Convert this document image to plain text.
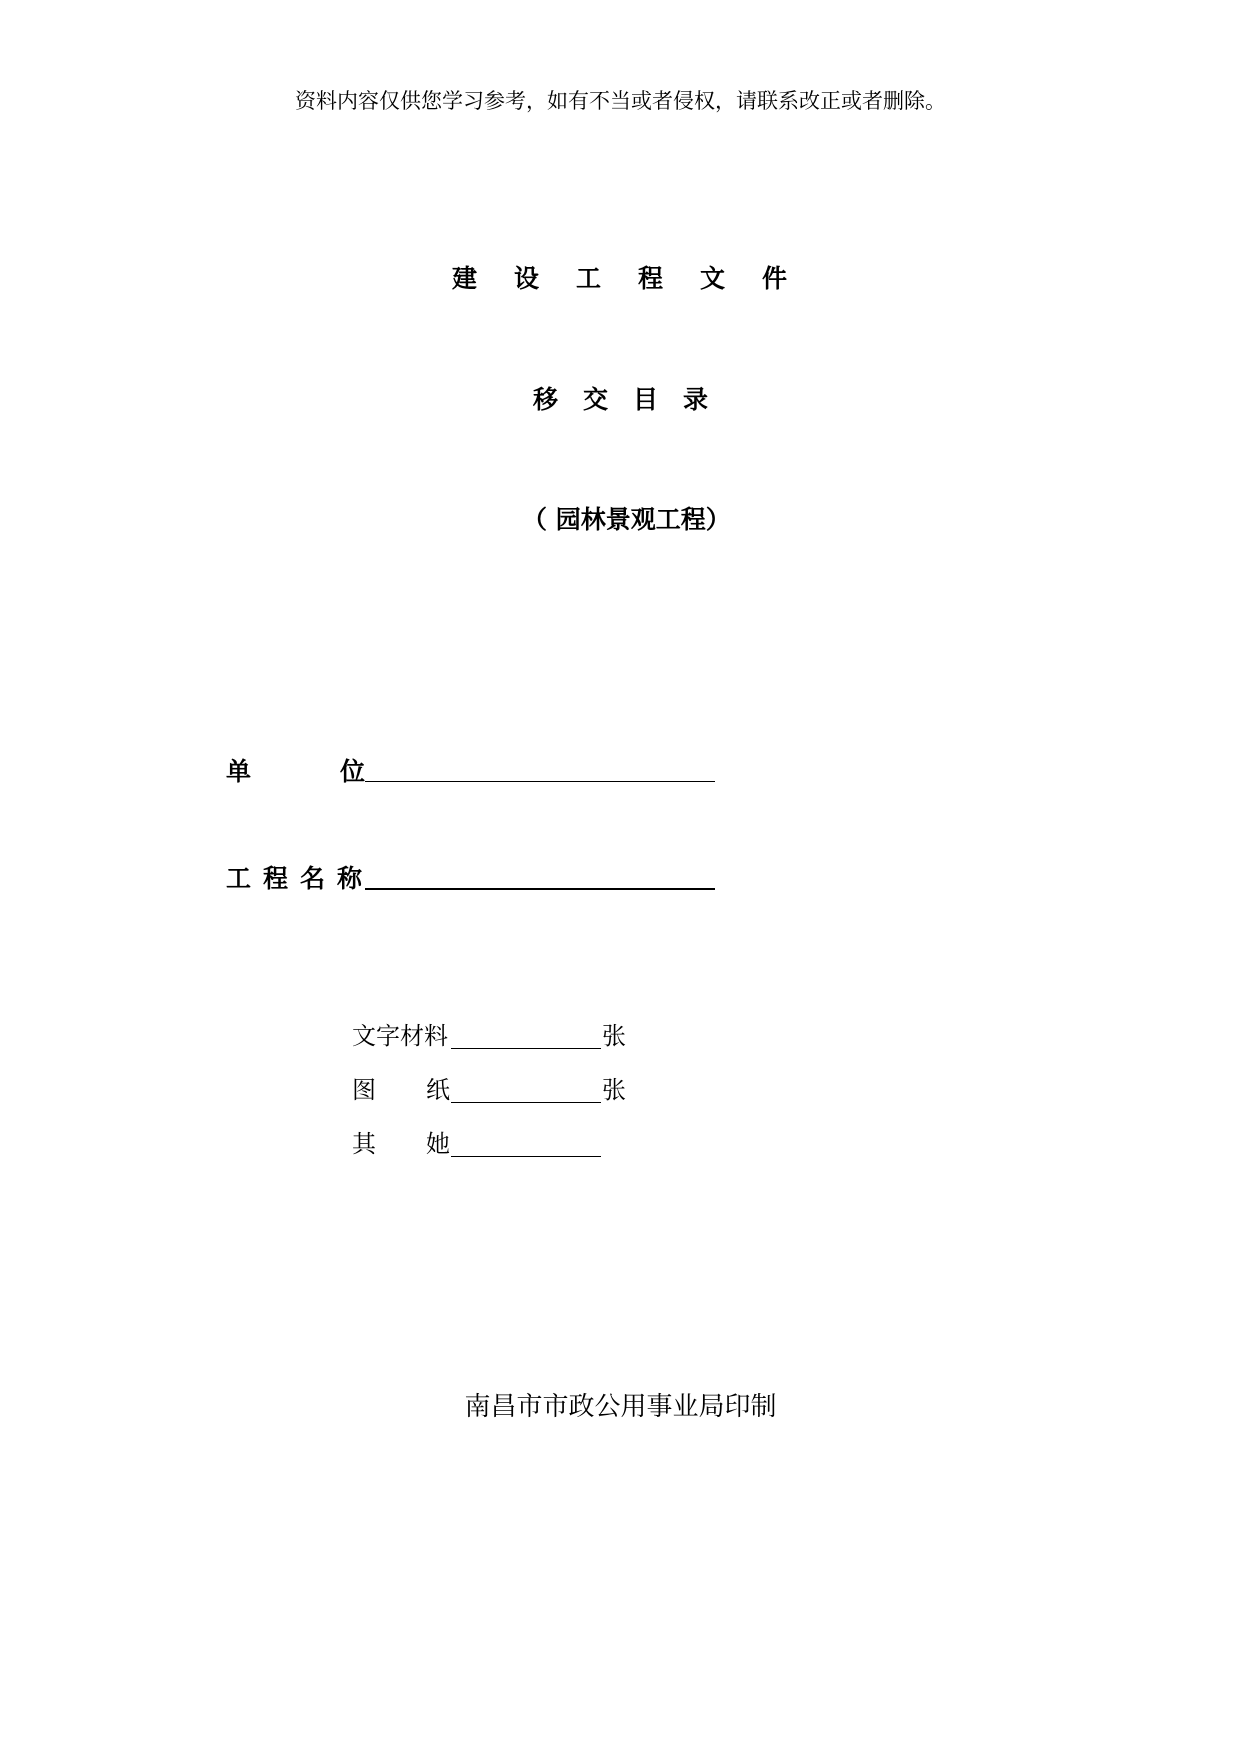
资料内容仅供您学习参考，如有不当或者侵权，请联系改正或者删除。
建设工程文件
移交目录
（ 园林景观工程）
单	位
工程名称
文字材料	张
图 纸	张
其 她
南昌市市政公用事业局印制
